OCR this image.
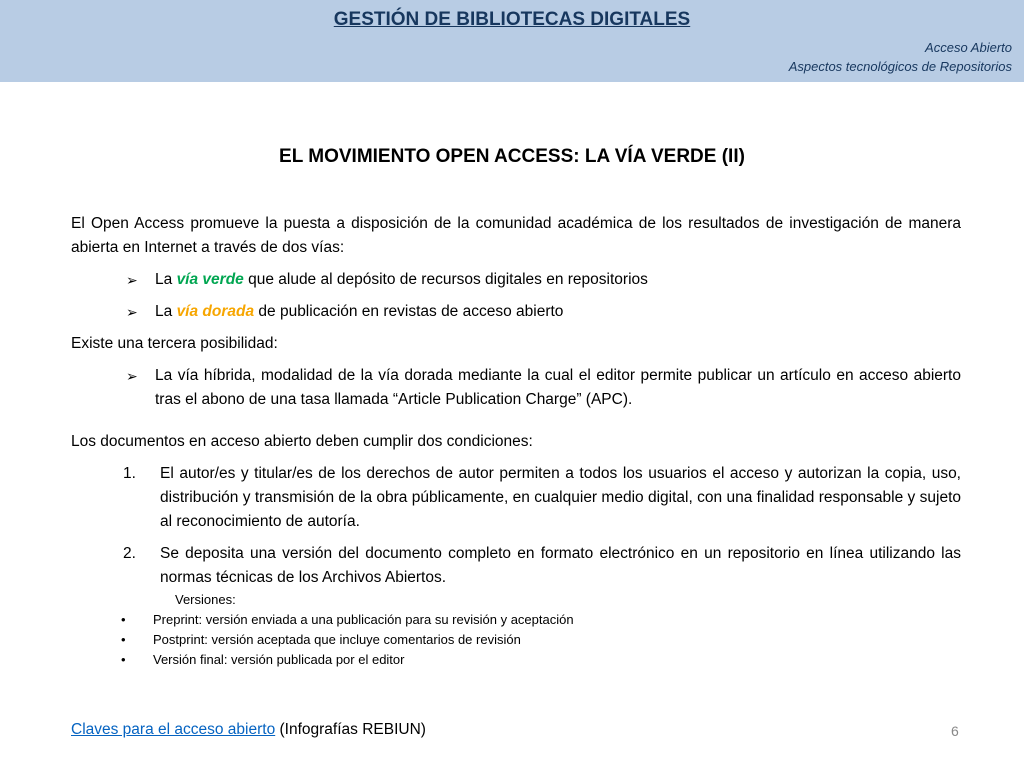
GESTIÓN DE BIBLIOTECAS DIGITALES
Acceso Abierto
Aspectos tecnológicos de Repositorios
EL MOVIMIENTO OPEN ACCESS: LA VÍA VERDE (II)

El Open Access promueve la puesta a disposición de la comunidad académica de los resultados de investigación de manera abierta en Internet a través de dos vías:

➢ La vía verde que alude al depósito de recursos digitales en repositorios
➢ La vía dorada de publicación en revistas de acceso abierto

Existe una tercera posibilidad:

➢ La vía híbrida, modalidad de la vía dorada mediante la cual el editor permite publicar un artículo en acceso abierto tras el abono de una tasa llamada “Article Publication Charge” (APC).

Los documentos en acceso abierto deben cumplir dos condiciones:

1. El autor/es y titular/es de los derechos de autor permiten a todos los usuarios el acceso y autorizan la copia, uso, distribución y transmisión de la obra públicamente, en cualquier medio digital, con una finalidad responsable y sujeto al reconocimiento de autoría.
2. Se deposita una versión del documento completo en formato electrónico en un repositorio en línea utilizando las normas técnicas de los Archivos Abiertos.
Versiones:
• Preprint: versión enviada a una publicación para su revisión y aceptación
• Postprint: versión aceptada que incluye comentarios de revisión
• Versión final: versión publicada por el editor
Claves para el acceso abierto (Infografías REBIUN)	6
